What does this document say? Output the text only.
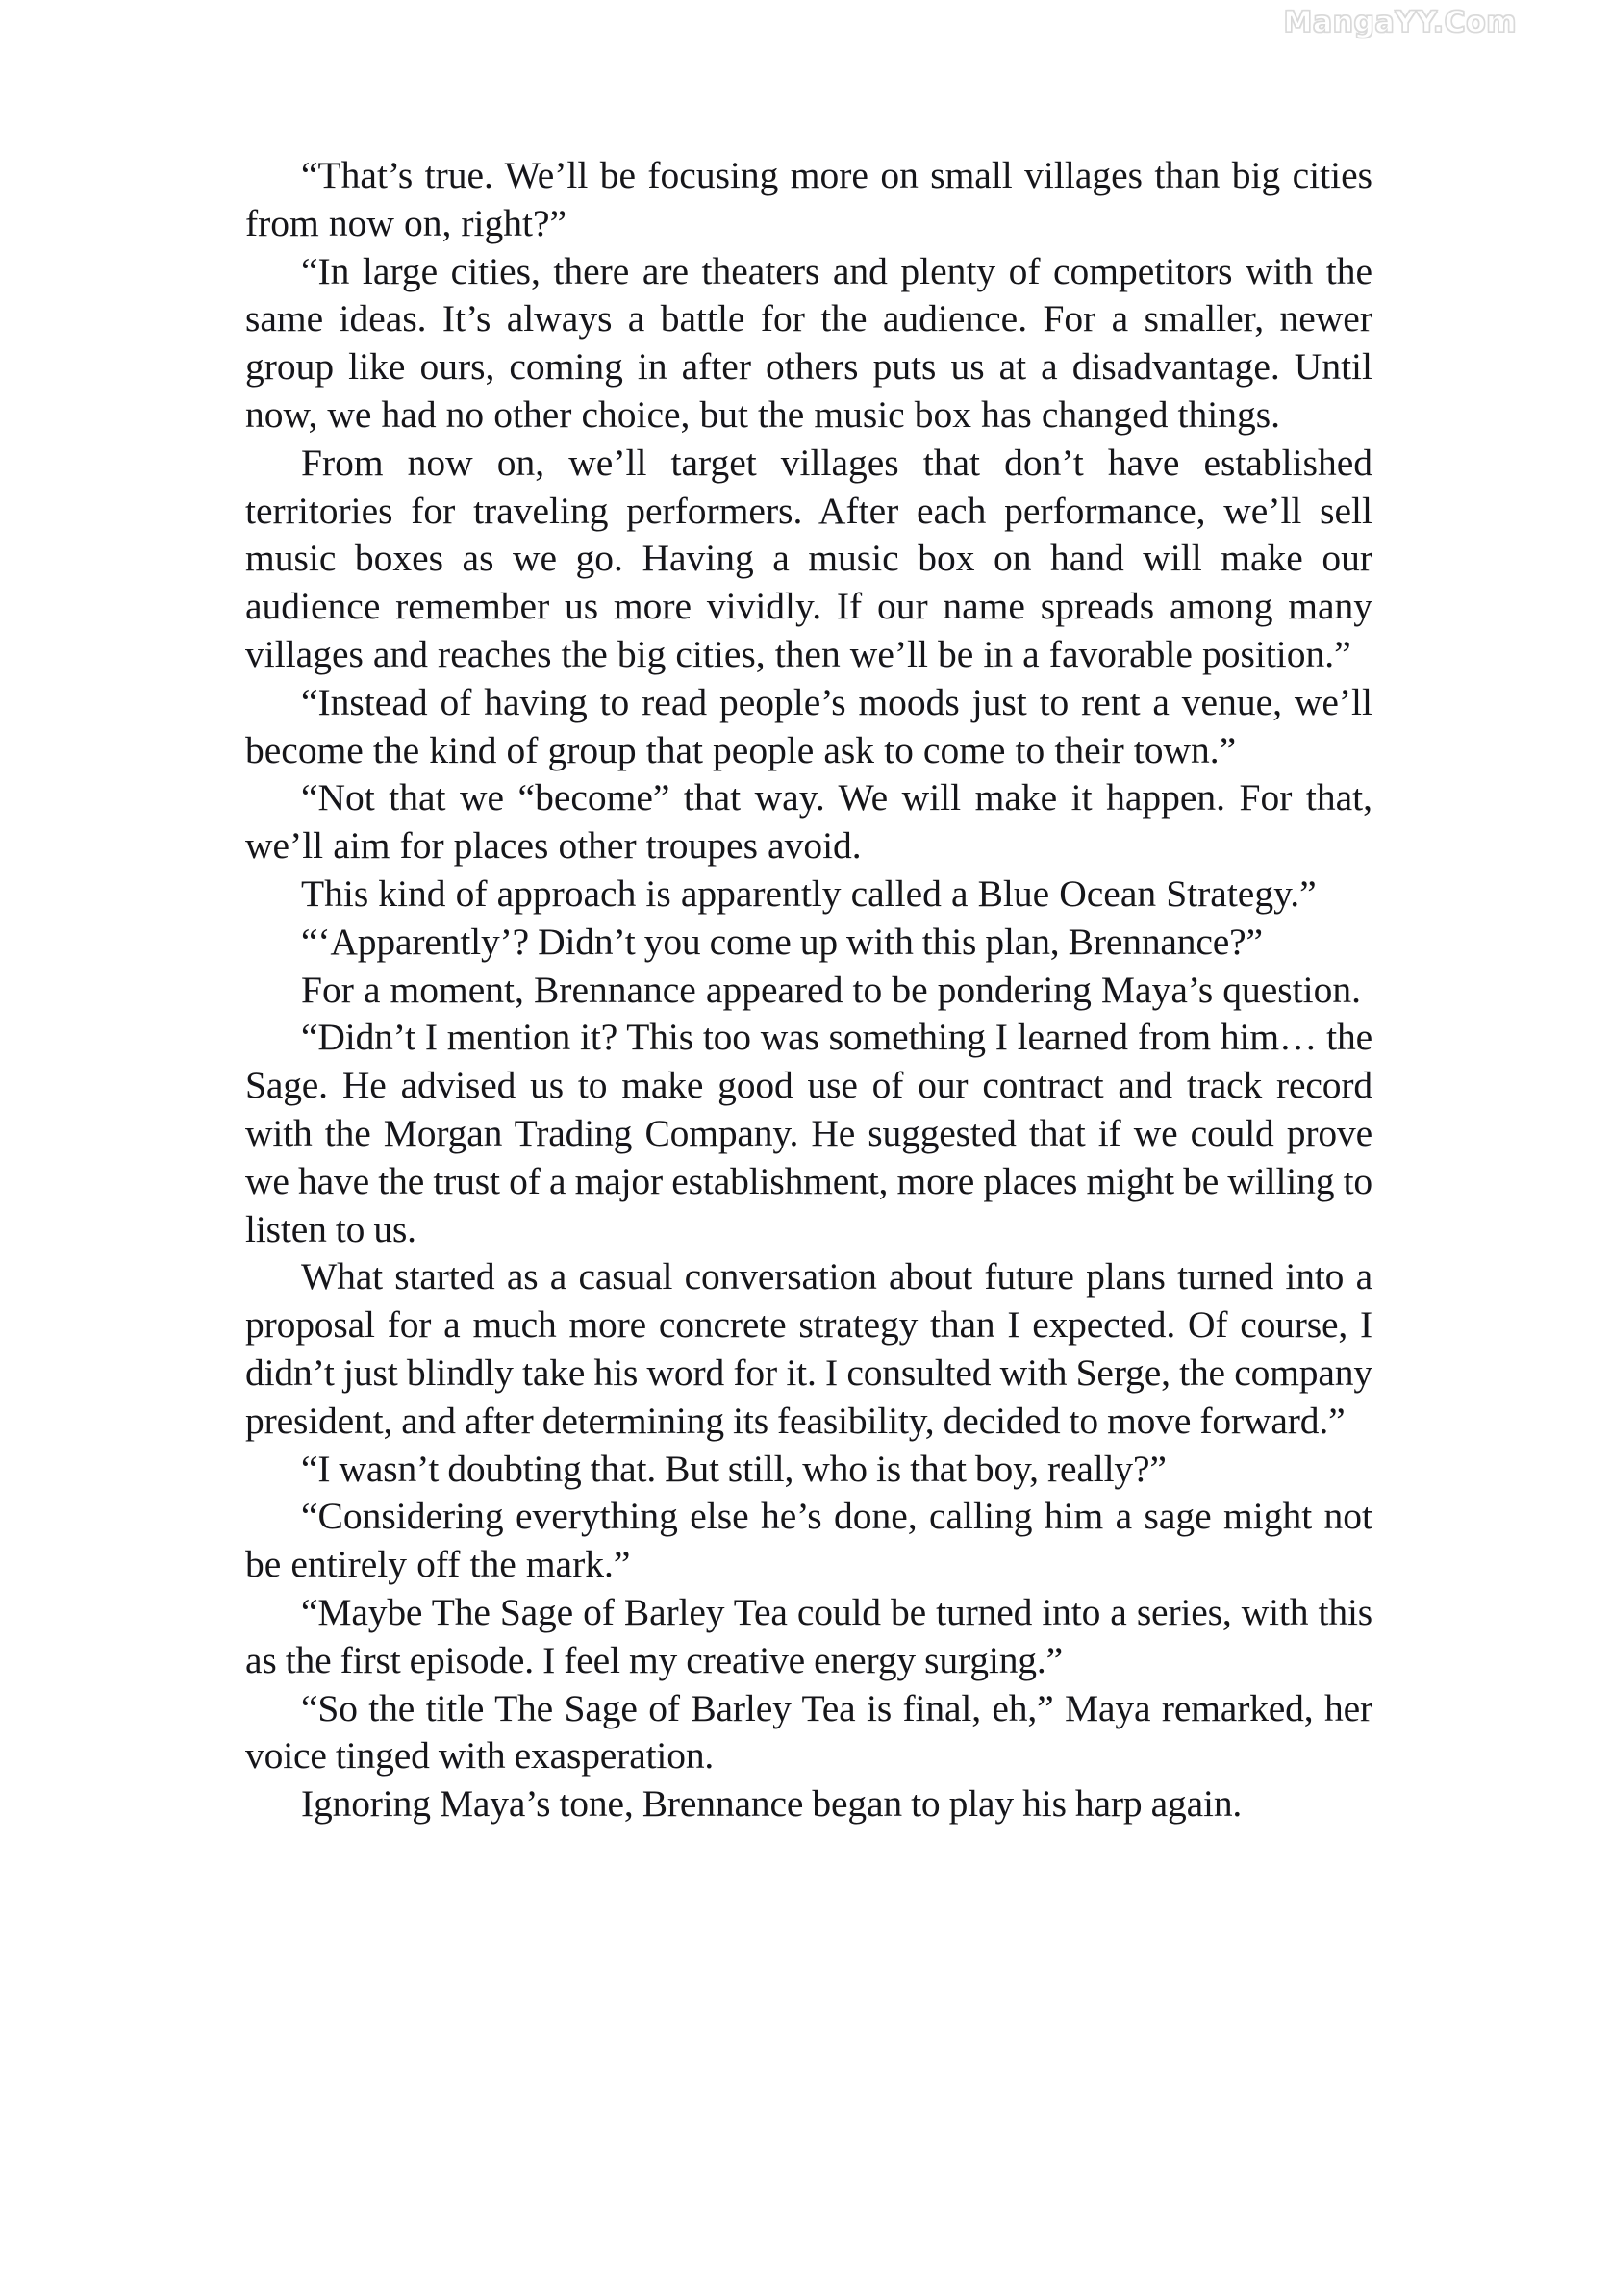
MangaYY.Com

“That’s true. We’ll be focusing more on small villages than big cities from now on, right?”

“In large cities, there are theaters and plenty of competitors with the same ideas. It’s always a battle for the audience. For a smaller, newer group like ours, coming in after others puts us at a disadvantage. Until now, we had no other choice, but the music box has changed things.

From now on, we’ll target villages that don’t have established territories for traveling performers. After each performance, we’ll sell music boxes as we go. Having a music box on hand will make our audience remember us more vividly. If our name spreads among many villages and reaches the big cities, then we’ll be in a favorable position.”

“Instead of having to read people’s moods just to rent a venue, we’ll become the kind of group that people ask to come to their town.”

“Not that we “become” that way. We will make it happen. For that, we’ll aim for places other troupes avoid.

This kind of approach is apparently called a Blue Ocean Strategy.”

“‘Apparently’? Didn’t you come up with this plan, Brennance?”

For a moment, Brennance appeared to be pondering Maya’s question.

“Didn’t I mention it? This too was something I learned from him… the Sage. He advised us to make good use of our contract and track record with the Morgan Trading Company. He suggested that if we could prove we have the trust of a major establishment, more places might be willing to listen to us.

What started as a casual conversation about future plans turned into a proposal for a much more concrete strategy than I expected. Of course, I didn’t just blindly take his word for it. I consulted with Serge, the company president, and after determining its feasibility, decided to move forward.”

“I wasn’t doubting that. But still, who is that boy, really?”

“Considering everything else he’s done, calling him a sage might not be entirely off the mark.”

“Maybe The Sage of Barley Tea could be turned into a series, with this as the first episode. I feel my creative energy surging.”

“So the title The Sage of Barley Tea is final, eh,” Maya remarked, her voice tinged with exasperation.

Ignoring Maya’s tone, Brennance began to play his harp again.
